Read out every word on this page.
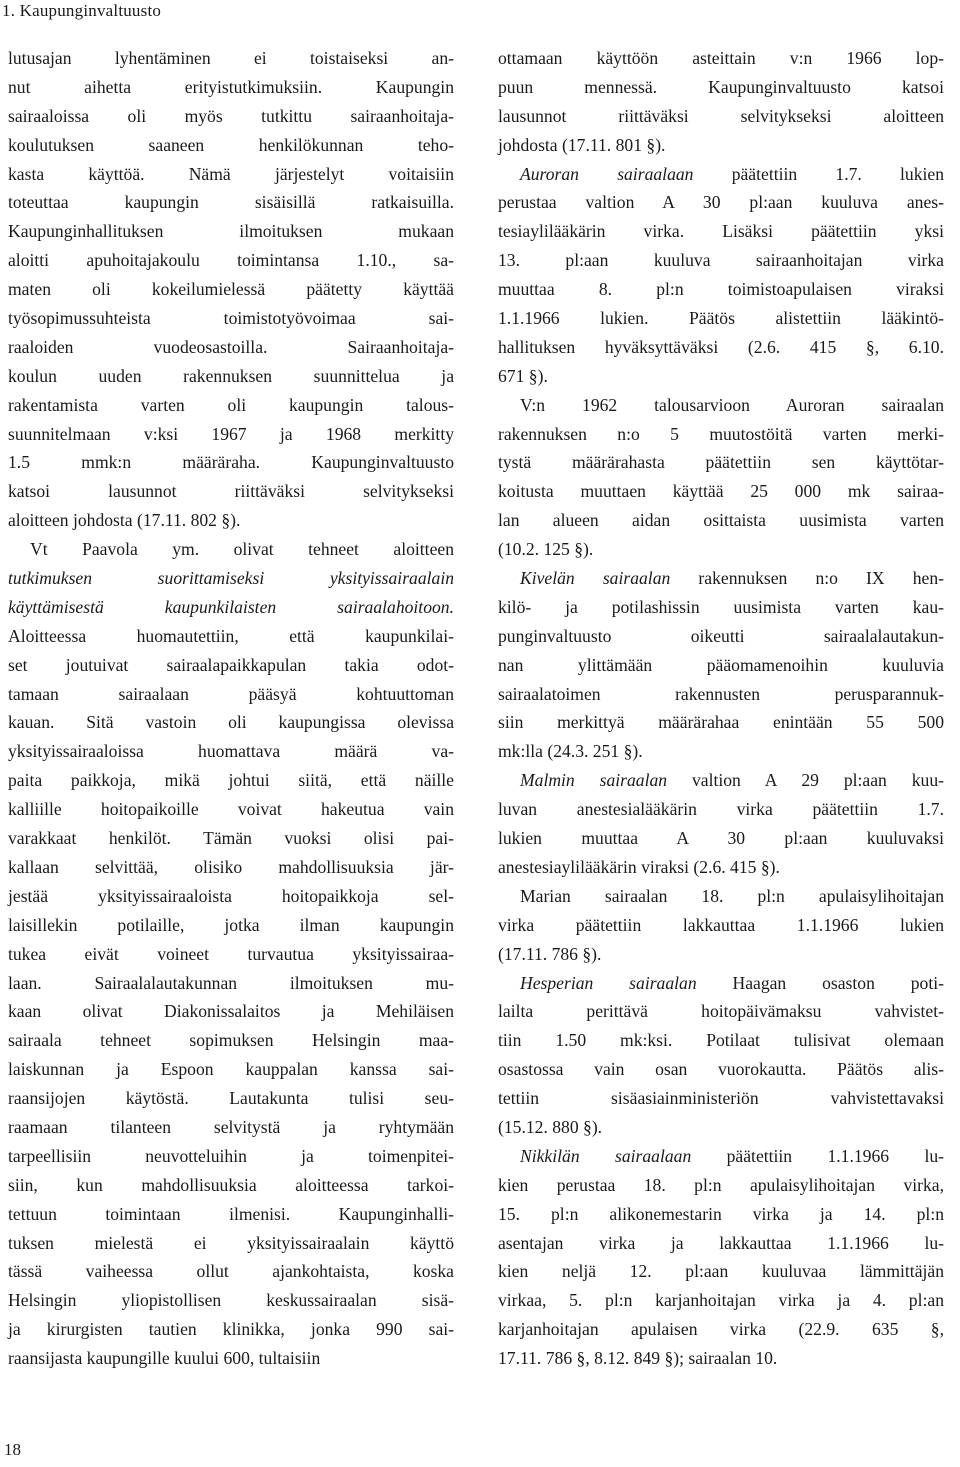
1. Kaupunginvaltuusto
lutusajan lyhentäminen ei toistaiseksi an-
nut aihetta erityistutkimuksiin. Kaupungin
sairaaloissa oli myös tutkittu sairaanhoitaja-
koulutuksen saaneen henkilökunnan teho-
kasta käyttöä. Nämä järjestelyt voitaisiin
toteuttaa kaupungin sisäisillä ratkaisuilla.
Kaupunginhallituksen ilmoituksen mukaan
aloitti apuhoitajakoulu toimintansa 1.10., sa-
maten oli kokeilumielessä päätetty käyttää
työsopimussuhteista toimistotyövoimaa sai-
raaloiden vuodeosastoilla. Sairaanhoitaja-
koulun uuden rakennuksen suunnittelua ja
rakentamista varten oli kaupungin talous-
suunnitelmaan v:ksi 1967 ja 1968 merkitty
1.5 mmk:n määräraha. Kaupunginvaltuusto
katsoi lausunnot riittäväksi selvitykseksi
aloitteen johdosta (17.11. 802 §).
Vt Paavola ym. olivat tehneet aloitteen
tutkimuksen suorittamiseksi yksityissairaalain
käyttämisestä kaupunkilaisten sairaalahoitoon.
Aloitteessa huomautettiin, että kaupunkilai-
set joutuivat sairaalapaikkapulan takia odot-
tamaan sairaalaan pääsyä kohtuuttoman
kauan. Sitä vastoin oli kaupungissa olevissa
yksityissairaaloissa huomattava määrä va-
paita paikkoja, mikä johtui siitä, että näille
kalliille hoitopaikoille voivat hakeutua vain
varakkaat henkilöt. Tämän vuoksi olisi pai-
kallaan selvittää, olisiko mahdollisuuksia jär-
jestää yksityissairaaloista hoitopaikkoja sel-
laisillekin potilaille, jotka ilman kaupungin
tukea eivät voineet turvautua yksityissairaa-
laan. Sairaalalautakunnan ilmoituksen mu-
kaan olivat Diakonissalaitos ja Mehiläisen
sairaala tehneet sopimuksen Helsingin maa-
laiskunnan ja Espoon kauppalan kanssa sai-
raansijojen käytöstä. Lautakunta tulisi seu-
raamaan tilanteen selvitystä ja ryhtymään
tarpeellisiin neuvotteluihin ja toimenpitei-
siin, kun mahdollisuuksia aloitteessa tarkoi-
tettuun toimintaan ilmenisi. Kaupunginhalli-
tuksen mielestä ei yksityissairaalain käyttö
tässä vaiheessa ollut ajankohtaista, koska
Helsingin yliopistollisen keskussairaalan sisä-
ja kirurgisten tautien klinikka, jonka 990 sai-
raansijasta kaupungille kuului 600, tultaisiin
ottamaan käyttöön asteittain v:n 1966 lop-
puun mennessä. Kaupunginvaltuusto katsoi
lausunnot riittäväksi selvitykseksi aloitteen
johdosta (17.11. 801 §).
Auroran sairaalaan päätettiin 1.7. lukien
perustaa valtion A 30 pl:aan kuuluva anes-
tesiaylilääkärin virka. Lisäksi päätettiin yksi
13. pl:aan kuuluva sairaanhoitajan virka
muuttaa 8. pl:n toimistoapulaisen viraksi
1.1.1966 lukien. Päätös alistettiin lääkintö-
hallituksen hyväksyttäväksi (2.6. 415 §, 6.10.
671 §).
V:n 1962 talousarvioon Auroran sairaalan
rakennuksen n:o 5 muutostöitä varten merki-
tystä määrärahasta päätettiin sen käyttötar-
koitusta muuttaen käyttää 25 000 mk sairaa-
lan alueen aidan osittaista uusimista varten
(10.2. 125 §).
Kivelän sairaalan rakennuksen n:o IX hen-
kilö- ja potilashissin uusimista varten kau-
punginvaltuusto oikeutti sairaalalautakun-
nan ylittämään pääomamenoihin kuuluvia
sairaalatoimen rakennusten perusparannuk-
siin merkittyä määrärahaa enintään 55 500
mk:lla (24.3. 251 §).
Malmin sairaalan valtion A 29 pl:aan kuu-
luvan anestesialääkärin virka päätettiin 1.7.
lukien muuttaa A 30 pl:aan kuuluvaksi
anestesiaylilääkärin viraksi (2.6. 415 §).
Marian sairaalan 18. pl:n apulaisylihoitajan
virka päätettiin lakkauttaa 1.1.1966 lukien
(17.11. 786 §).
Hesperian sairaalan Haagan osaston poti-
lailta perittävä hoitopäivämaksu vahvistet-
tiin 1.50 mk:ksi. Potilaat tulisivat olemaan
osastossa vain osan vuorokautta. Päätös alis-
tettiin sisäasiainministeriön vahvistettavaksi
(15.12. 880 §).
Nikkilän sairaalaan päätettiin 1.1.1966 lu-
kien perustaa 18. pl:n apulaisylihoitajan virka,
15. pl:n alikonemestarin virka ja 14. pl:n
asentajan virka ja lakkauttaa 1.1.1966 lu-
kien neljä 12. pl:aan kuuluvaa lämmittäjän
virkaa, 5. pl:n karjanhoitajan virka ja 4. pl:an
karjanhoitajan apulaisen virka (22.9. 635 §,
17.11. 786 §, 8.12. 849 §); sairaalan 10.
18
